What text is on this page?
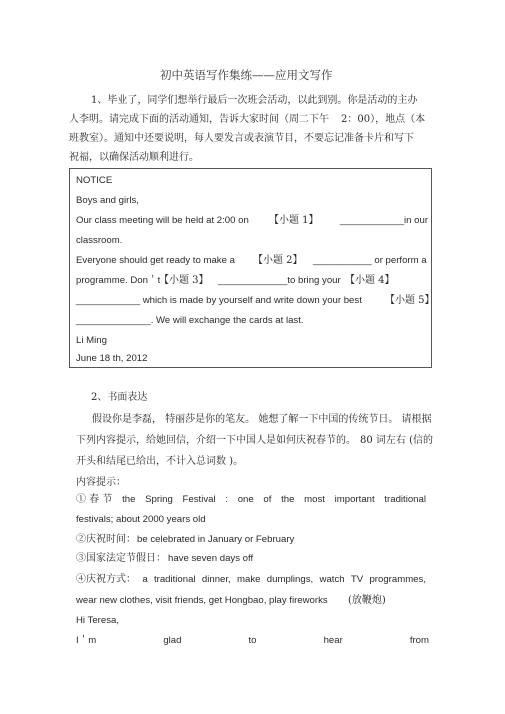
初中英语写作集练——应用文写作
1、毕业了，同学们想举行最后一次班会活动，以此到别。你是活动的主办
人李明。请完成下面的活动通知，告诉大家时间（周二下午 2：00），地点（本
班教室）。通知中还要说明，每人要发言或表演节目，不要忘记准备卡片和写下
祝福，以确保活动顺利进行。
NOTICE
Boys and girls,
Our class meeting will be held at 2:00 on 【小题 1】 ____________in our
classroom.
Everyone should get ready to make a 【小题 2】 ___________ or perform a
programme. Don＇t
【小题 3】 _____________to bring your 【小题 4】
____________ which is made by yourself and write down your best 【小题 5】
______________. We will exchange the cards at last.
Li Ming
June 18 th, 2012
2、书面表达
假设你是李磊， 特丽莎是你的笔友。 她想了解一下中国的传统节日。 请根据
下列内容提示，给她回信，介绍一下中国人是如何庆祝春节的。 80 词左右 (信的
开头和结尾已给出，不计入总词数 )。
内容提示：
① 春 节 the Spring Festival : one of the most important traditional
festivals; about 2000 years old
②庆祝时间： be celebrated in January or February
③国家法定节假日： have seven days off
④庆祝方式： a traditional dinner, make dumplings, watch TV programmes,
wear new clothes, visit friends, get Hongbao, play fireworks (放鞭炮)
Hi Teresa,
I＇m	glad	to	hear	from
